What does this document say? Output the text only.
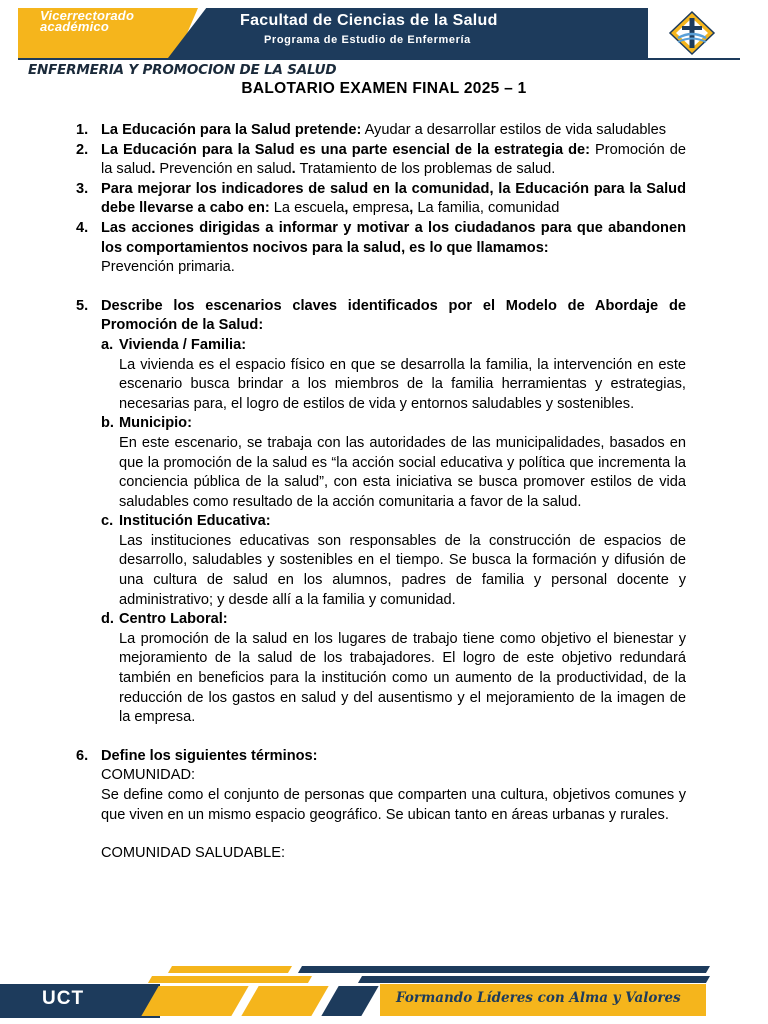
Vicerrectorado
académico	Facultad de Ciencias de la Salud
Programa de Estudio de Enfermería
ENFERMERIA Y PROMOCION DE LA SALUD
BALOTARIO EXAMEN FINAL 2025 – 1
1. La Educación para la Salud pretende: Ayudar a desarrollar estilos de vida saludables
2. La Educación para la Salud es una parte esencial de la estrategia de: Promoción de la salud. Prevención en salud. Tratamiento de los problemas de salud.
3. Para mejorar los indicadores de salud en la comunidad, la Educación para la Salud debe llevarse a cabo en: La escuela, empresa, La familia, comunidad
4. Las acciones dirigidas a informar y motivar a los ciudadanos para que abandonen los comportamientos nocivos para la salud, es lo que llamamos:
Prevención primaria.
5. Describe los escenarios claves identificados por el Modelo de Abordaje de Promoción de la Salud:
a. Vivienda / Familia:
La vivienda es el espacio físico en que se desarrolla la familia, la intervención en este escenario busca brindar a los miembros de la familia herramientas y estrategias, necesarias para, el logro de estilos de vida y entornos saludables y sostenibles.
b. Municipio:
En este escenario, se trabaja con las autoridades de las municipalidades, basados en que la promoción de la salud es “la acción social educativa y política que incrementa la conciencia pública de la salud”, con esta iniciativa se busca promover estilos de vida saludables como resultado de la acción comunitaria a favor de la salud.
c. Institución Educativa:
Las instituciones educativas son responsables de la construcción de espacios de desarrollo, saludables y sostenibles en el tiempo. Se busca la formación y difusión de una cultura de salud en los alumnos, padres de familia y personal docente y administrativo; y desde allí a la familia y comunidad.
d. Centro Laboral:
La promoción de la salud en los lugares de trabajo tiene como objetivo el bienestar y mejoramiento de la salud de los trabajadores. El logro de este objetivo redundará también en beneficios para la institución como un aumento de la productividad, de la reducción de los gastos en salud y del ausentismo y el mejoramiento de la imagen de la empresa.
6. Define los siguientes términos:
COMUNIDAD:
Se define como el conjunto de personas que comparten una cultura, objetivos comunes y que viven en un mismo espacio geográfico. Se ubican tanto en áreas urbanas y rurales.
COMUNIDAD SALUDABLE:
UCT	Formando Líderes con Alma y Valores
